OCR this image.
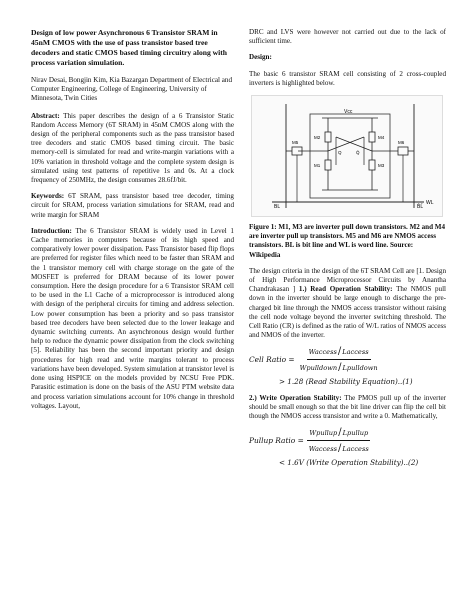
Design of low power Asynchronous 6 Transistor SRAM in 45nM CMOS with the use of pass transistor based tree decoders and static CMOS based timing circuitry along with process variation simulation.

Nirav Desai, Bongjin Kim, Kia Bazargan Department of Electrical and Computer Engineering, College of Engineering, University of Minnesota, Twin Cities

Abstract: This paper describes the design of a 6 Transistor Static Random Access Memory (6T SRAM) in 45nM CMOS along with the design of the peripheral components such as the pass transistor based tree decoders and static CMOS based timing circuit. The basic memory-cell is simulated for read and write-margin variations with a 10% variation in threshold voltage and the complete system design is simulated using test patterns of repetitive 1s and 0s. At a clock frequency of 250MHz, the design consumes 28.6fJ/bit.

Keywords: 6T SRAM, pass transistor based tree decoder, timing circuit for SRAM, process variation simulations for SRAM, read and write margin for SRAM

Introduction: The 6 Transistor SRAM is widely used in Level 1 Cache memories in computers because of its high speed and comparatively lower power dissipation. Pass Transistor based flip flops are preferred for register files which need to be faster than SRAM and the 1 transistor memory cell with charge storage on the gate of the MOSFET is preferred for DRAM because of its lower power consumption. Here the design procedure for a 6 Transistor SRAM cell to be used in the L1 Cache of a microprocessor is introduced along with design of the peripheral circuits for timing and address selection. Low power consumption has been a priority and so pass transistor based tree decoders have been selected due to the lower leakage and dynamic switching currents. An asynchronous design would further help to reduce the dynamic power dissipation from the clock switching [5]. Reliability has been the second important priority and design procedures for high read and write margins tolerant to process variations have been developed. System simulation at transistor level is done using HSPICE on the models provided by NCSU Free PDK. Parasitic estimation is done on the basis of the ASU PTM website data and process variation simulations account for 10% change in threshold voltages. Layout,

DRC and LVS were however not carried out due to the lack of sufficient time.

Design:

The basic 6 transistor SRAM cell consisting of 2 cross-coupled inverters is highlighted below.

Vcc
M2
M1
M4
M3
Q	Q̄
M5	M6
BL	B̄L̄
WL

Figure 1: M1, M3 are inverter pull down transistors. M2 and M4 are inverter pull up transistors. M5 and M6 are NMOS access transistors. BL is bit line and WL is word line. Source: Wikipedia

The design criteria in the design of the 6T SRAM Cell are [1. Design of High Performance Microprocessor Circuits by Anantha Chandrakasan ] 1.) Read Operation Stability: The NMOS pull down in the inverter should be large enough to discharge the pre-charged bit line through the NMOS access transistor without raising the cell node voltage beyond the inverter switching threshold. The Cell Ratio (CR) is defined as the ratio of W/L ratios of NMOS access and NMOS of the inverter.

Cell Ratio = $\frac{\text{Waccess / Laccess}}{\text{Wpulldown / Lpulldown}}$

> 1.28 (Read Stability Equation)..(1)

2.) Write Operation Stability: The PMOS pull up of the inverter should be small enough so that the bit line driver can flip the cell bit though the NMOS access transistor and write a 0. Mathematically,

Pullup Ratio = $\frac{\text{Wpullup / Lpullup}}{\text{Waccess / Laccess}}$

< 1.6V (Write Operation Stability)..(2)
